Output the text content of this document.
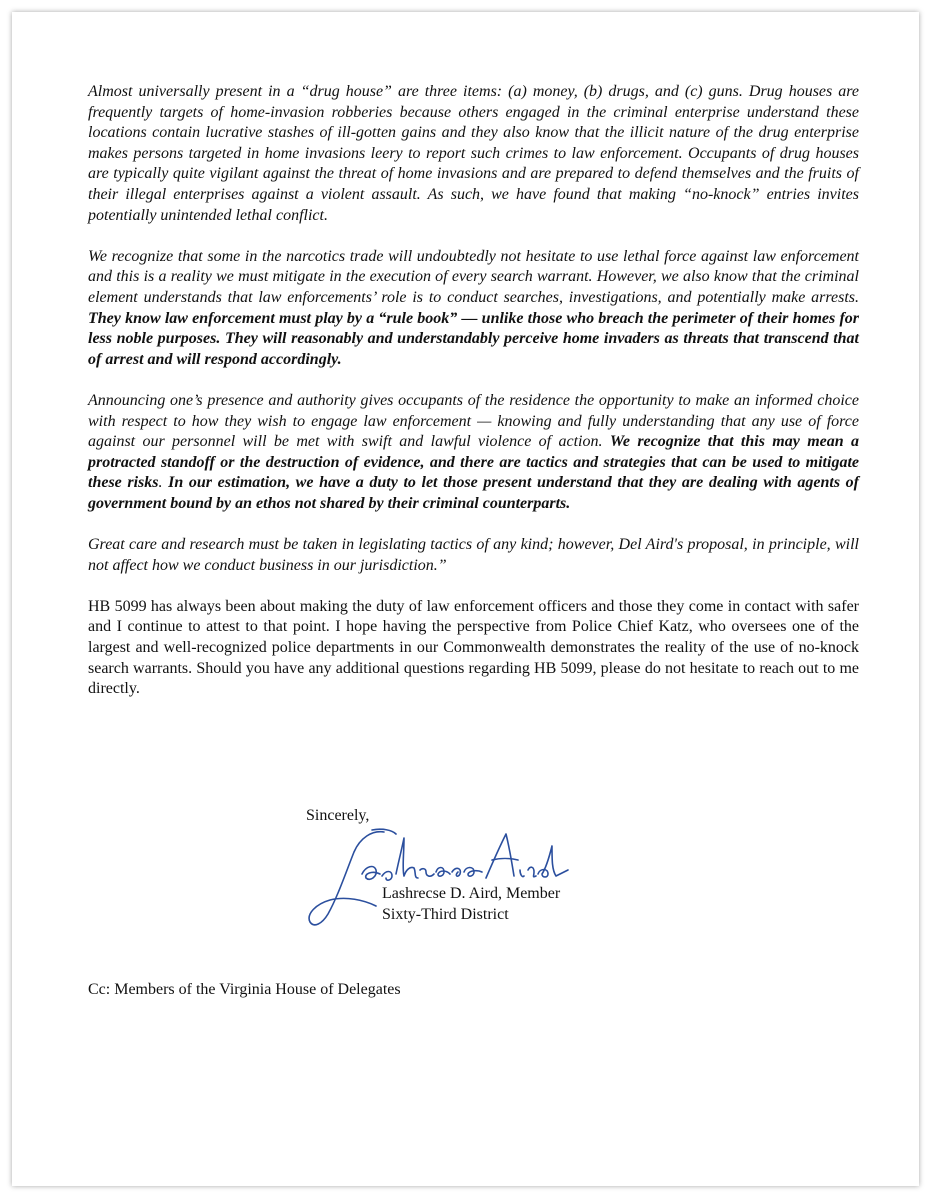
Almost universally present in a “drug house” are three items: (a) money, (b) drugs, and (c) guns. Drug houses are frequently targets of home-invasion robberies because others engaged in the criminal enterprise understand these locations contain lucrative stashes of ill-gotten gains and they also know that the illicit nature of the drug enterprise makes persons targeted in home invasions leery to report such crimes to law enforcement. Occupants of drug houses are typically quite vigilant against the threat of home invasions and are prepared to defend themselves and the fruits of their illegal enterprises against a violent assault. As such, we have found that making “no-knock” entries invites potentially unintended lethal conflict.

We recognize that some in the narcotics trade will undoubtedly not hesitate to use lethal force against law enforcement and this is a reality we must mitigate in the execution of every search warrant. However, we also know that the criminal element understands that law enforcements’ role is to conduct searches, investigations, and potentially make arrests. They know law enforcement must play by a “rule book” — unlike those who breach the perimeter of their homes for less noble purposes. They will reasonably and understandably perceive home invaders as threats that transcend that of arrest and will respond accordingly.

Announcing one’s presence and authority gives occupants of the residence the opportunity to make an informed choice with respect to how they wish to engage law enforcement — knowing and fully understanding that any use of force against our personnel will be met with swift and lawful violence of action. We recognize that this may mean a protracted standoff or the destruction of evidence, and there are tactics and strategies that can be used to mitigate these risks. In our estimation, we have a duty to let those present understand that they are dealing with agents of government bound by an ethos not shared by their criminal counterparts.

Great care and research must be taken in legislating tactics of any kind; however, Del Aird's proposal, in principle, will not affect how we conduct business in our jurisdiction.”

HB 5099 has always been about making the duty of law enforcement officers and those they come in contact with safer and I continue to attest to that point. I hope having the perspective from Police Chief Katz, who oversees one of the largest and well-recognized police departments in our Commonwealth demonstrates the reality of the use of no-knock search warrants. Should you have any additional questions regarding HB 5099, please do not hesitate to reach out to me directly.

Sincerely,
Lashrecse D. Aird, Member
Sixty-Third District
Cc: Members of the Virginia House of Delegates
